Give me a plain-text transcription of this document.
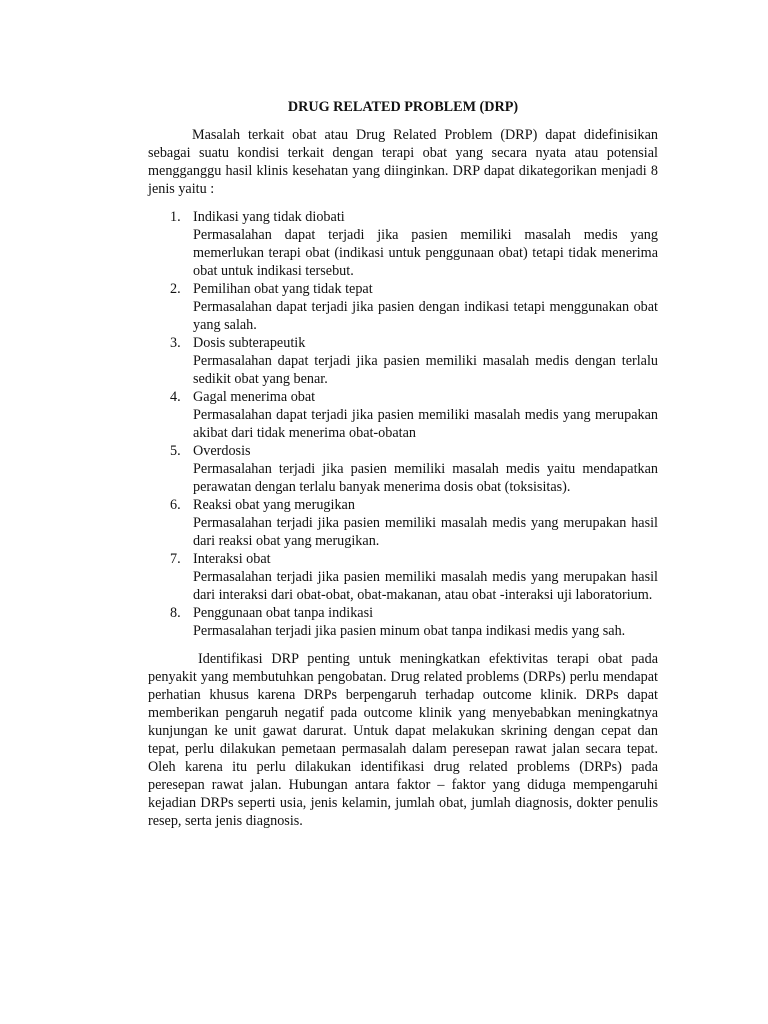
DRUG RELATED PROBLEM (DRP)

Masalah terkait obat atau Drug Related Problem (DRP) dapat didefinisikan sebagai suatu kondisi terkait dengan terapi obat yang secara nyata atau potensial mengganggu hasil klinis kesehatan yang diinginkan. DRP dapat dikategorikan menjadi 8 jenis yaitu :

1. Indikasi yang tidak diobati
Permasalahan dapat terjadi jika pasien memiliki masalah medis yang memerlukan terapi obat (indikasi untuk penggunaan obat) tetapi tidak menerima obat untuk indikasi tersebut.
2. Pemilihan obat yang tidak tepat
Permasalahan dapat terjadi jika pasien dengan indikasi tetapi menggunakan obat yang salah.
3. Dosis subterapeutik
Permasalahan dapat terjadi jika pasien memiliki masalah medis dengan terlalu sedikit obat yang benar.
4. Gagal menerima obat
Permasalahan dapat terjadi jika pasien memiliki masalah medis yang merupakan akibat dari tidak menerima obat-obatan
5. Overdosis
Permasalahan terjadi jika pasien memiliki masalah medis yaitu mendapatkan perawatan dengan terlalu banyak menerima dosis obat (toksisitas).
6. Reaksi obat yang merugikan
Permasalahan terjadi jika pasien memiliki masalah medis yang merupakan hasil dari reaksi obat yang merugikan.
7. Interaksi obat
Permasalahan terjadi jika pasien memiliki masalah medis yang merupakan hasil dari interaksi dari obat-obat, obat-makanan, atau obat -interaksi uji laboratorium.
8. Penggunaan obat tanpa indikasi
Permasalahan terjadi jika pasien minum obat tanpa indikasi medis yang sah.

Identifikasi DRP penting untuk meningkatkan efektivitas terapi obat pada penyakit yang membutuhkan pengobatan. Drug related problems (DRPs) perlu mendapat perhatian khusus karena DRPs berpengaruh terhadap outcome klinik. DRPs dapat memberikan pengaruh negatif pada outcome klinik yang menyebabkan meningkatnya kunjungan ke unit gawat darurat. Untuk dapat melakukan skrining dengan cepat dan tepat, perlu dilakukan pemetaan permasalah dalam peresepan rawat jalan secara tepat. Oleh karena itu perlu dilakukan identifikasi drug related problems (DRPs) pada peresepan rawat jalan. Hubungan antara faktor – faktor yang diduga mempengaruhi kejadian DRPs seperti usia, jenis kelamin, jumlah obat, jumlah diagnosis, dokter penulis resep, serta jenis diagnosis.
